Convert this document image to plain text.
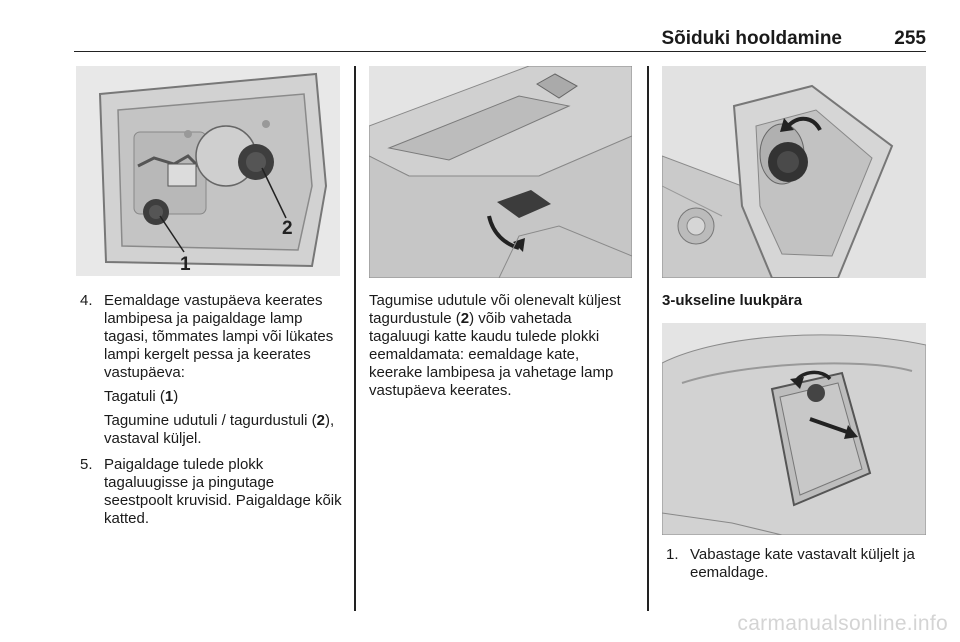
Sõiduki hooldamine	255
1
2
4. Eemaldage vastupäeva keerates lambipesa ja paigaldage lamp tagasi, tõmmates lampi või lükates lampi kergelt pessa ja keerates vastupäeva:
Tagatuli (1)
Tagumine udutuli / tagurdustuli (2), vastaval küljel.
5. Paigaldage tulede plokk tagaluugisse ja pingutage seestpoolt kruvisid. Paigaldage kõik katted.

Tagumise udutule või olenevalt küljest tagurdustule (2) võib vahetada tagaluugi katte kaudu tulede plokki eemaldamata: eemaldage kate, keerake lambipesa ja vahetage lamp vastupäeva keerates.

3-ukseline luukpära
1. Vabastage kate vastavalt küljelt ja eemaldage.
carmanualsonline.info
